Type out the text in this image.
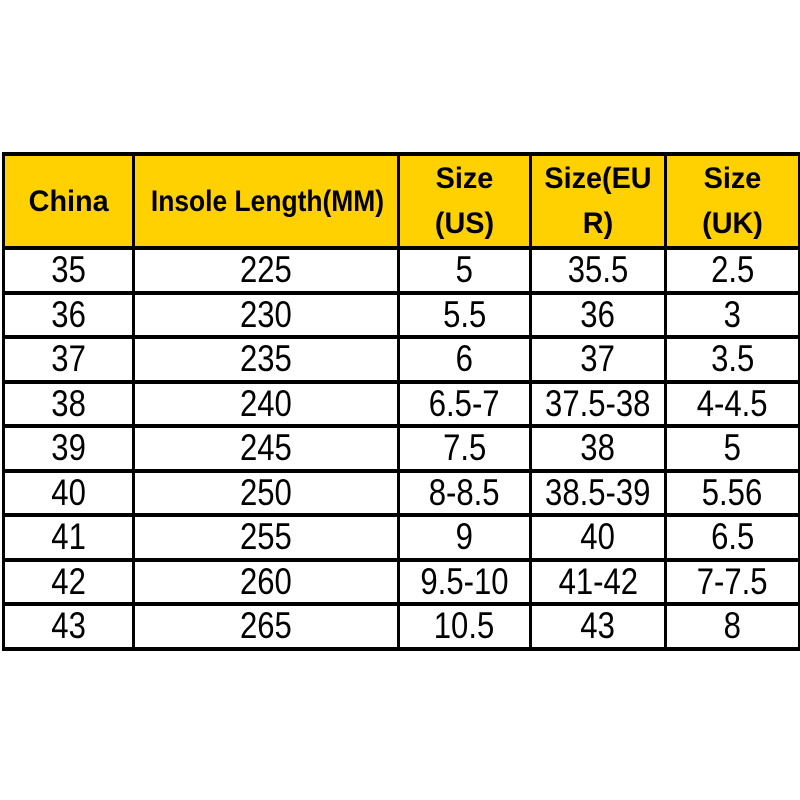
China	Insole Length(MM)	Size (US)	Size(EU R)	Size (UK)
35	225	5	35.5	2.5
36	230	5.5	36	3
37	235	6	37	3.5
38	240	6.5-7	37.5-38	4-4.5
39	245	7.5	38	5
40	250	8-8.5	38.5-39	5.56
41	255	9	40	6.5
42	260	9.5-10	41-42	7-7.5
43	265	10.5	43	8
